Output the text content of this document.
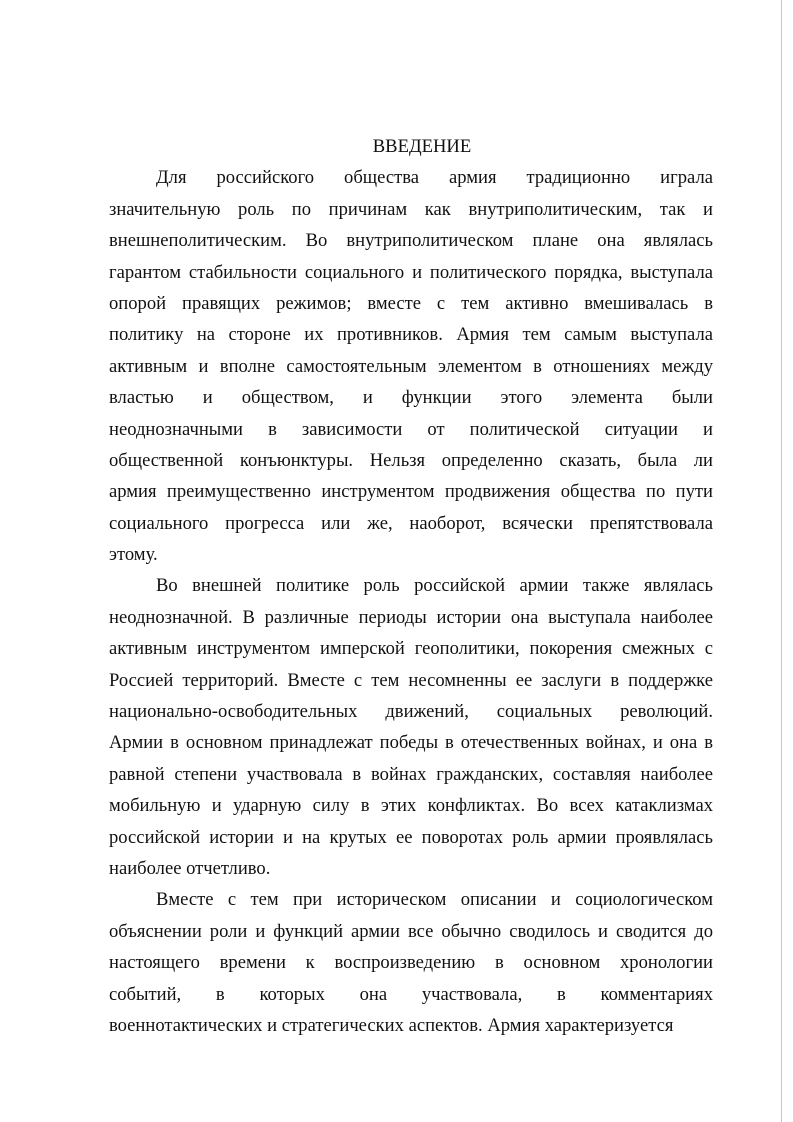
ВВЕДЕНИЕ
Для российского общества армия традиционно играла
значительную роль по причинам как внутриполитическим, так и
внешнеполитическим. Во внутриполитическом плане она являлась
гарантом стабильности социального и политического порядка, выступала
опорой правящих режимов; вместе с тем активно вмешивалась в
политику на стороне их противников. Армия тем самым выступала
активным и вполне самостоятельным элементом в отношениях между
властью и обществом, и функции этого элемента были
неоднозначными в зависимости от политической ситуации и
общественной конъюнктуры. Нельзя определенно сказать, была ли
армия преимущественно инструментом продвижения общества по пути
социального прогресса или же, наоборот, всячески препятствовала
этому.
Во внешней политике роль российской армии также являлась
неоднозначной. В различные периоды истории она выступала наиболее
активным инструментом имперской геополитики, покорения смежных с
Россией территорий. Вместе с тем несомненны ее заслуги в поддержке
национально-освободительных движений, социальных революций.
Армии в основном принадлежат победы в отечественных войнах, и она в
равной степени участвовала в войнах гражданских, составляя наиболее
мобильную и ударную силу в этих конфликтах. Во всех катаклизмах
российской истории и на крутых ее поворотах роль армии проявлялась
наиболее отчетливо.
Вместе с тем при историческом описании и социологическом
объяснении роли и функций армии все обычно сводилось и сводится до
настоящего времени к воспроизведению в основном хронологии
событий, в которых она участвовала, в комментариях
военнотактических и стратегических аспектов. Армия характеризуется
